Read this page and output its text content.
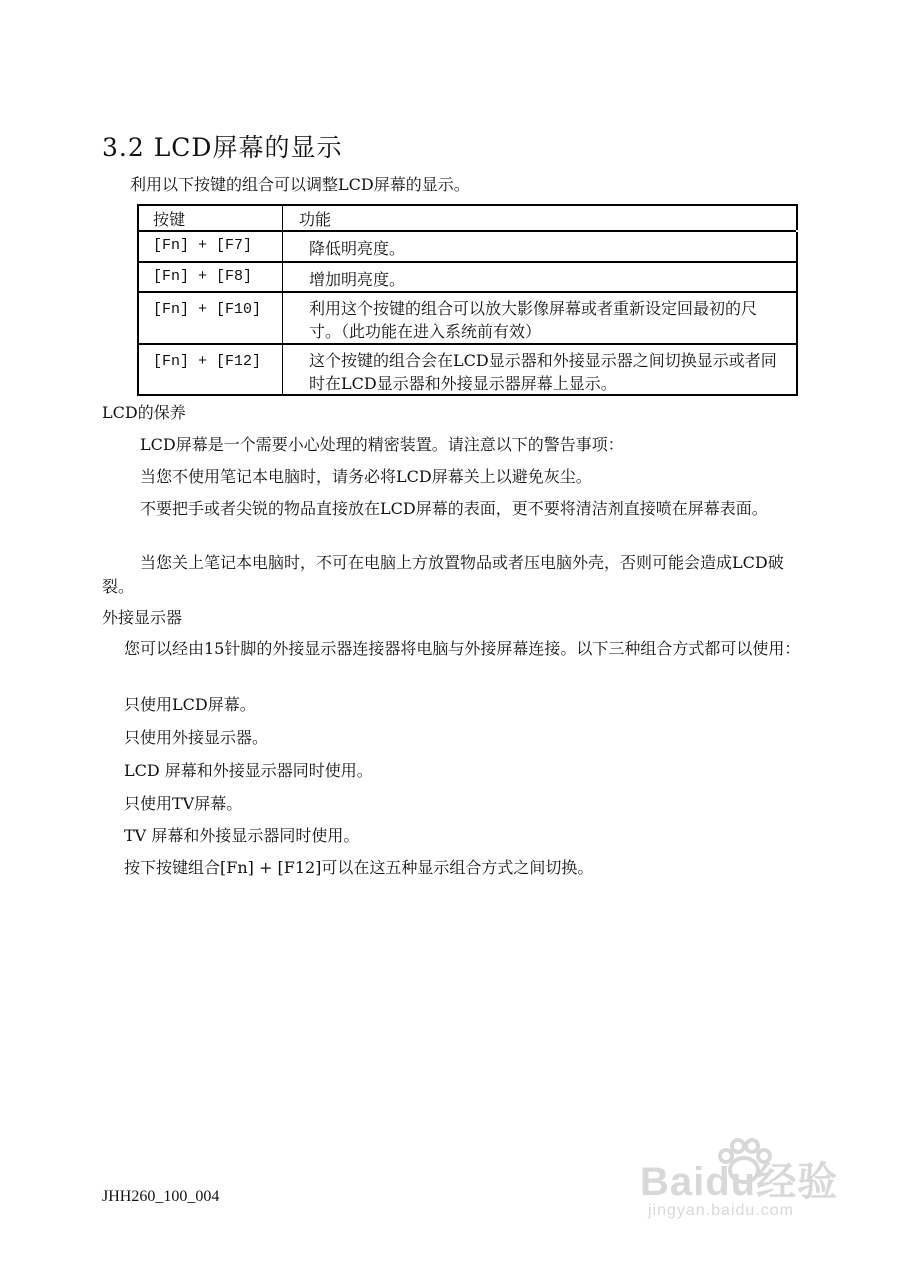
3.2 LCD屏幕的显示
利用以下按键的组合可以调整LCD屏幕的显示。
按键	功能
[Fn] + [F7]	降低明亮度。
[Fn] + [F8]	增加明亮度。
[Fn] + [F10]	利用这个按键的组合可以放大影像屏幕或者重新设定回最初的尺寸。（此功能在进入系统前有效）
[Fn] + [F12]	这个按键的组合会在LCD显示器和外接显示器之间切换显示或者同时在LCD显示器和外接显示器屏幕上显示。
LCD的保养
LCD屏幕是一个需要小心处理的精密装置。请注意以下的警告事项：
当您不使用笔记本电脑时，请务必将LCD屏幕关上以避免灰尘。
不要把手或者尖锐的物品直接放在LCD屏幕的表面，更不要将清洁剂直接喷在屏幕表面。
当您关上笔记本电脑时，不可在电脑上方放置物品或者压电脑外壳，否则可能会造成LCD破裂。
外接显示器
您可以经由15针脚的外接显示器连接器将电脑与外接屏幕连接。以下三种组合方式都可以使用：
只使用LCD屏幕。
只使用外接显示器。
LCD 屏幕和外接显示器同时使用。
只使用TV屏幕。
TV 屏幕和外接显示器同时使用。
按下按键组合[Fn] + [F12]可以在这五种显示组合方式之间切换。
JHH260_100_004	Baidu经验
jingyan.baidu.com
